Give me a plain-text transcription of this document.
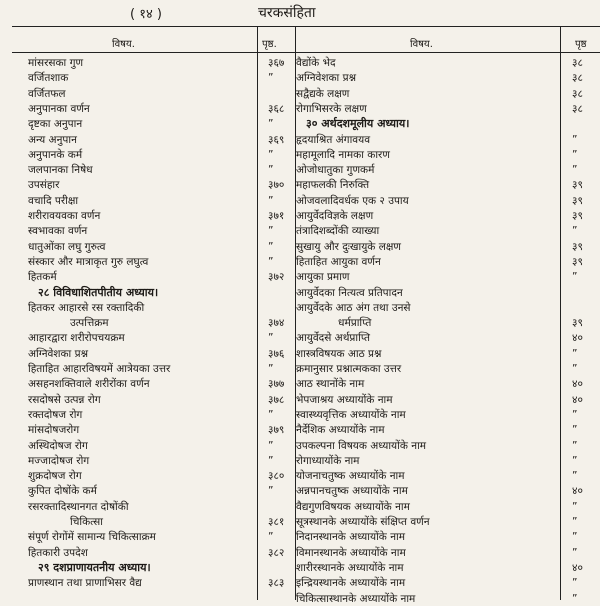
( १४ )	चरकसंहिता
विषय.	पृष्ठ.	विषय.	पृष्ठ
मांसरसका गुण	३६७
वर्जितशाक	”
वर्जितफल
अनुपानका वर्णन	३६८
दृष्टका अनुपान	”
अन्य अनुपान	३६९
अनुपानके कर्म	”
जलपानका निषेध	”
उपसंहार	३७०
वचादि परीक्षा	”
शरीरावयवका वर्णन	३७१
स्वभावका वर्णन	”
धातुओंका लघु गुरुत्व	”
संस्कार और मात्राकृत गुरु लघुत्व	”
हितकर्म	३७२
२८ विविधाशितपीतीय अध्याय।
हितकर आहारसे रस रक्तादिकी
उत्पत्तिक्रम	३७४
आहारद्वारा शरीरोपचयक्रम	”
अग्निवेशका प्रश्न	३७६
हिताहित आहारविषयमें आत्रेयका उत्तर	”
असहनशक्तिवाले शरीरोंका वर्णन	३७७
रसदोषसे उत्पन्न रोग	३७८
रक्तदोषज रोग	”
मांसदोषजरोग	३७९
अस्थिदोषज रोग	”
मज्जादोषज रोग	”
शुक्रदोषज रोग	३८०
कुपित दोषोंके कर्म	”
रसरक्तादिस्थानगत दोषोंकी
चिकित्सा	३८१
संपूर्ण रोगोंमें सामान्य चिकित्साक्रम	”
हितकारी उपदेश	३८२
२९ दशप्राणायतनीय अध्याय।
प्राणस्थान तथा प्राणाभिसर वैद्य	३८३
वैद्योंके भेद	३८
अग्निवेशका प्रश्न	३८
सद्वैद्यके लक्षण	३८
रोगाभिसरके लक्षण	३८
३० अर्थदशमूलीय अध्याय।
हृदयाश्रित अंगावयव	”
महामूलादि नामका कारण	”
ओजोधातुका गुणकर्म	”
महाफलकी निरुक्ति	३९
ओजवलादिवर्धक एक २ उपाय	३९
आयुर्वेदविज्ञके लक्षण	३९
तंत्रादिशब्दोंकी व्याख्या	”
सुखायु और दुःखायुके लक्षण	३९
हिताहित आयुका वर्णन	३९
आयुका प्रमाण	”
आयुर्वेदका नित्यत्व प्रतिपादन
आयुर्वेदके आठ अंग तथा उनसे
धर्मप्राप्ति	३९
आयुर्वेदसे अर्थप्राप्ति	४०
शास्त्रविषयक आठ प्रश्न	”
क्रमानुसार प्रश्नात्मकका उत्तर	”
आठ स्थानोंके नाम	४०
भेपजाश्रय अध्यायोंके नाम	४०
स्वास्थ्यवृत्तिक अध्यायोंके नाम	”
नैर्देशिक अध्यायोंके नाम	”
उपकल्पना विषयक अध्यायोंके नाम	”
रोगाध्यायोंके नाम	”
योजनाचतुष्क अध्यायोंके नाम	”
अन्नपानचतुष्क अध्यायोंके नाम	४०
वैद्यगुणविषयक अध्यायोंके नाम	”
सूत्रस्थानके अध्यायोंके संक्षिप्त वर्णन	”
निदानस्थानके अध्यायोंके नाम	”
विमानस्थानके अध्यायोंके नाम	”
शारीरस्थानके अध्यायोंके नाम	४०
इन्द्रियस्थानके अध्यायोंके नाम	”
चिकित्सास्थानके अध्यायोंके नाम	”
